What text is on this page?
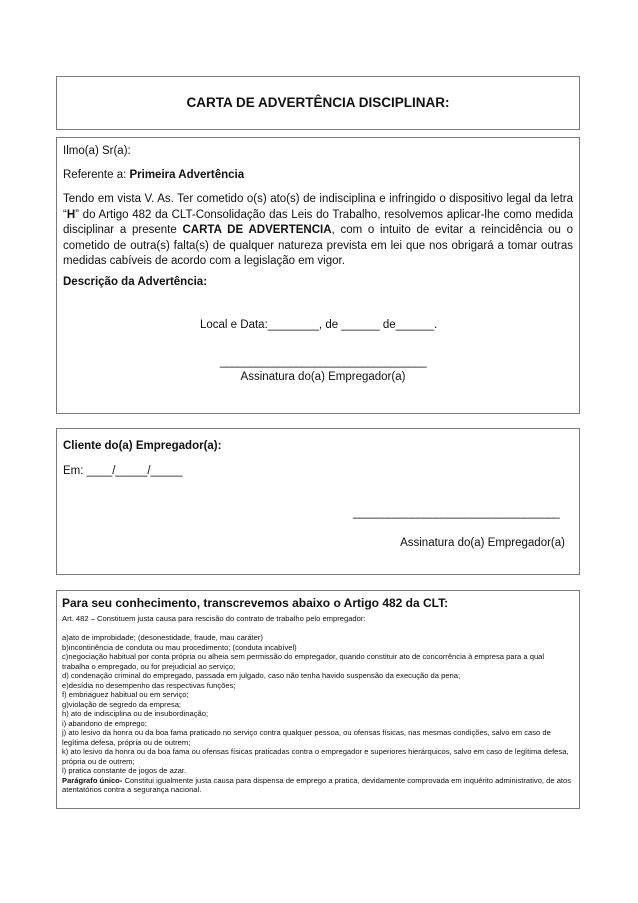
CARTA DE ADVERTÊNCIA DISCIPLINAR:
Ilmo(a) Sr(a):
Referente a: Primeira Advertência
Tendo em vista V. As. Ter cometido o(s) ato(s) de indisciplina e infringido o dispositivo legal da letra “H” do Artigo 482 da CLT-Consolidação das Leis do Trabalho, resolvemos aplicar-lhe como medida disciplinar a presente CARTA DE ADVERTENCIA, com o intuito de evitar a reincidência ou o cometido de outra(s) falta(s) de qualquer natureza prevista em lei que nos obrigará a tomar outras medidas cabíveis de acordo com a legislação em vigor.
Descrição da Advertência:
Local e Data:________, de ______ de______.
___________________________________
Assinatura do(a) Empregador(a)
Cliente do(a) Empregador(a):
Em: ____/_____/_____
___________________________________
Assinatura do(a) Empregador(a)
Para seu conhecimento, transcrevemos abaixo o Artigo 482 da CLT:
Art. 482 – Constituem justa causa para rescisão do contrato de trabalho pelo empregador:
a)ato de improbidade; (desonestidade, fraude, mau caráter)
b)incontinência de conduta ou mau procedimento; (conduta incabível)
c)negociação habitual por conta própria ou alheia sem permissão do empregador, quando constituir ato de concorrência à empresa para a qual trabalha o empregado, ou for prejudicial ao serviço;
d) condenação criminal do empregado, passada em julgado, caso não tenha havido suspensão da execução da pena;
e)desídia no desempenho das respectivas funções;
f) embriaguez habitual ou em serviço;
g)violação de segredo da empresa;
h) ato de indisciplina ou de insubordinação;
i) abandono de emprego;
j) ato lesivo da honra ou da boa fama praticado no serviço contra qualquer pessoa, ou ofensas físicas, nas mesmas condições, salvo em caso de legítima defesa, própria ou de outrem;
k) ato lesivo da honra ou da boa fama ou ofensas físicas praticadas contra o empregador e superiores hierárquicos, salvo em caso de legítima defesa, própria ou de outrem;
l) pratica constante de jogos de azar.
Parágrafo único- Constitui igualmente justa causa para dispensa de emprego a pratica, devidamente comprovada em inquérito administrativo, de atos atentatórios contra a segurança nacional.
